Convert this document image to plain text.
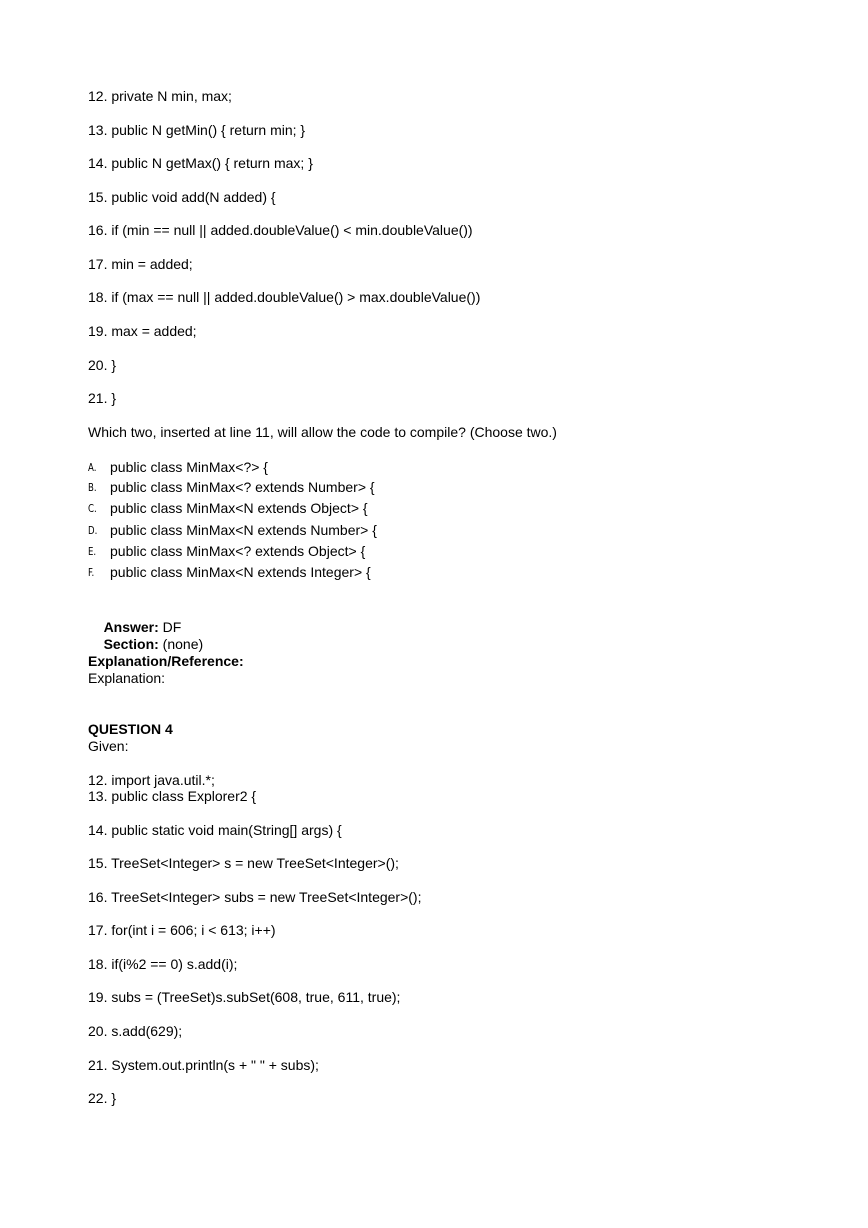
12. private N min, max;
13. public N getMin() { return min; }
14. public N getMax() { return max; }
15. public void add(N added) {
16. if (min == null || added.doubleValue() < min.doubleValue())
17. min = added;
18. if (max == null || added.doubleValue() > max.doubleValue())
19. max = added;
20. }
21. }
Which two, inserted at line 11, will allow the code to compile? (Choose two.)
A. public class MinMax<?> {
B. public class MinMax<? extends Number> {
C. public class MinMax<N extends Object> {
D. public class MinMax<N extends Number> {
E. public class MinMax<? extends Object> {
F.	public class MinMax<N extends Integer> {

Answer: DF

Section: (none)

Explanation/Reference:
Explanation:
QUESTION 4
Given:
12. import java.util.*;
13. public class Explorer2 {
14. public static void main(String[] args) {
15. TreeSet<Integer> s = new TreeSet<Integer>();
16. TreeSet<Integer> subs = new TreeSet<Integer>();
17. for(int i = 606; i < 613; i++)
18. if(i%2 == 0) s.add(i);
19. subs = (TreeSet)s.subSet(608, true, 611, true);
20. s.add(629);
21. System.out.println(s + " " + subs);
22. }
